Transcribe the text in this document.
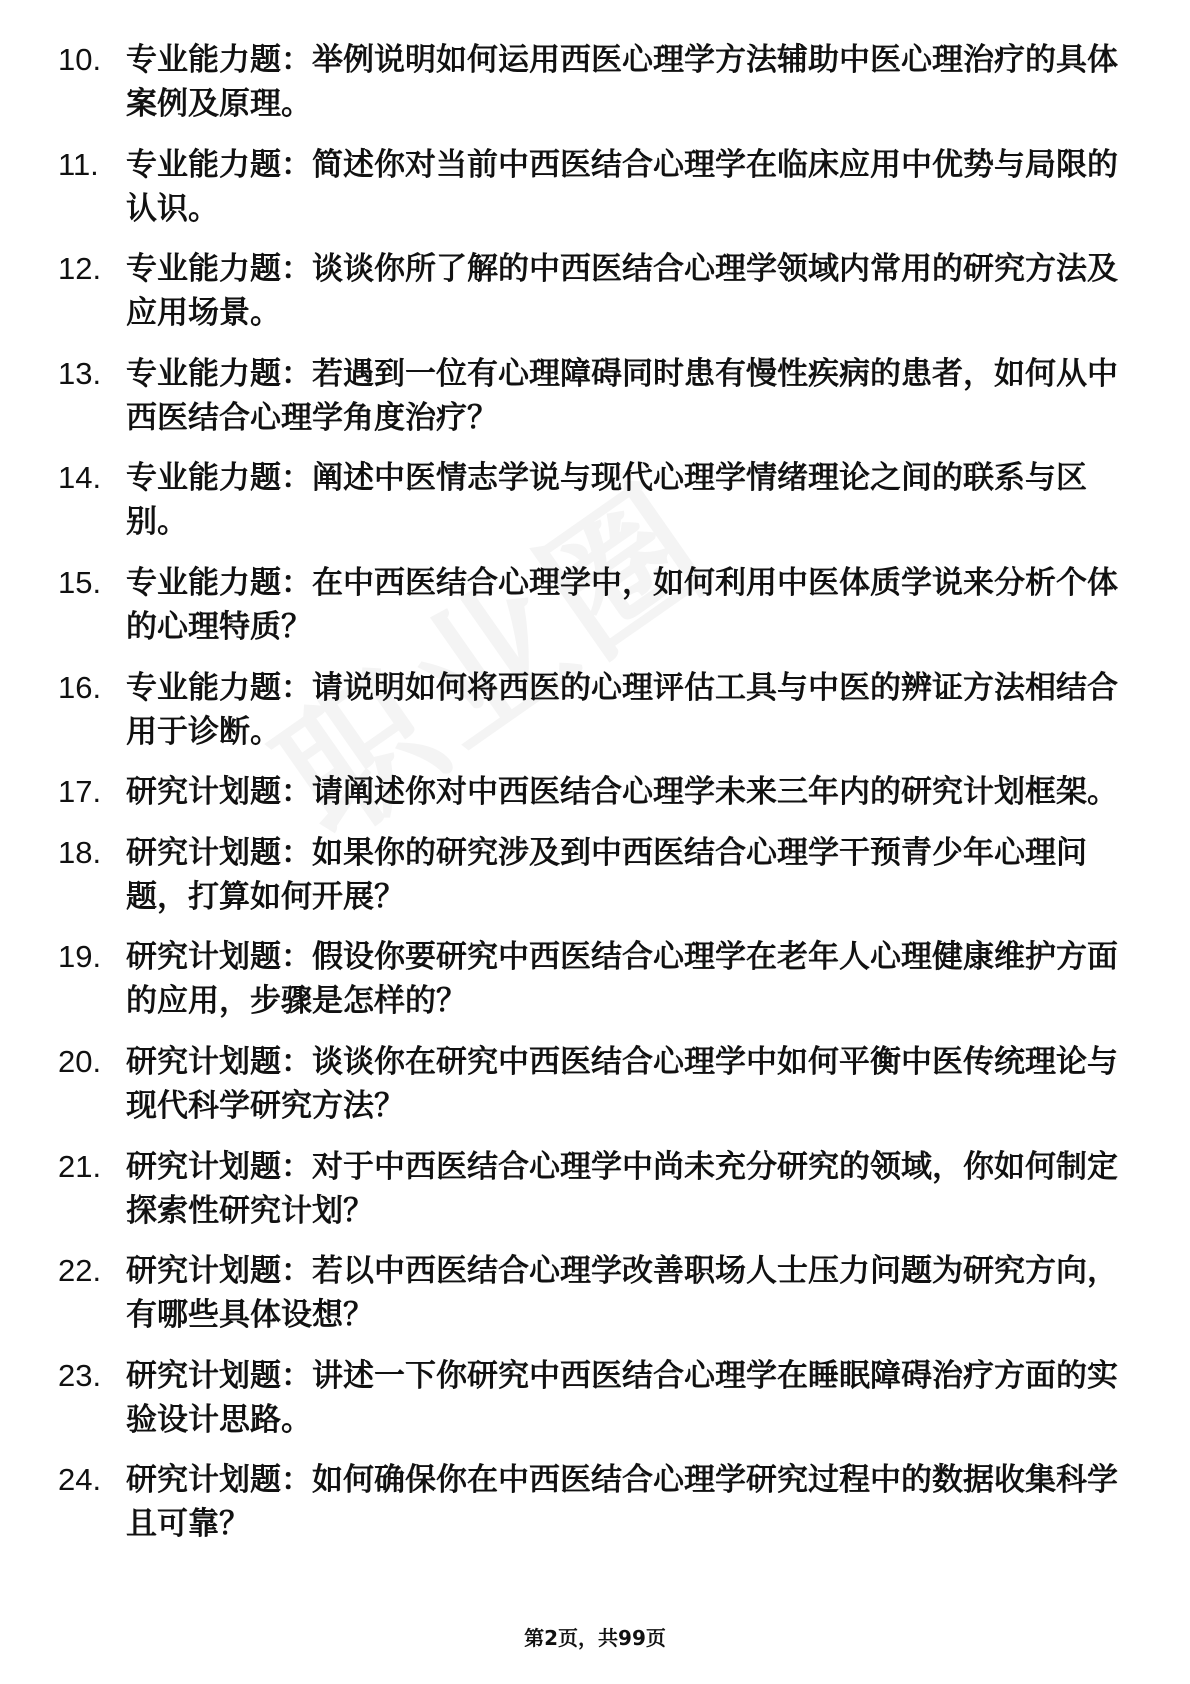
10. 专业能力题：举例说明如何运用西医心理学方法辅助中医心理治疗的具体案例及原理。
11. 专业能力题：简述你对当前中西医结合心理学在临床应用中优势与局限的认识。
12. 专业能力题：谈谈你所了解的中西医结合心理学领域内常用的研究方法及应用场景。
13. 专业能力题：若遇到一位有心理障碍同时患有慢性疾病的患者，如何从中西医结合心理学角度治疗？
14. 专业能力题：阐述中医情志学说与现代心理学情绪理论之间的联系与区别。
15. 专业能力题：在中西医结合心理学中，如何利用中医体质学说来分析个体的心理特质？
16. 专业能力题：请说明如何将西医的心理评估工具与中医的辨证方法相结合用于诊断。
17. 研究计划题：请阐述你对中西医结合心理学未来三年内的研究计划框架。
18. 研究计划题：如果你的研究涉及到中西医结合心理学干预青少年心理问题，打算如何开展？
19. 研究计划题：假设你要研究中西医结合心理学在老年人心理健康维护方面的应用，步骤是怎样的？
20. 研究计划题：谈谈你在研究中西医结合心理学中如何平衡中医传统理论与现代科学研究方法？
21. 研究计划题：对于中西医结合心理学中尚未充分研究的领域，你如何制定探索性研究计划？
22. 研究计划题：若以中西医结合心理学改善职场人士压力问题为研究方向，有哪些具体设想？
23. 研究计划题：讲述一下你研究中西医结合心理学在睡眠障碍治疗方面的实验设计思路。
24. 研究计划题：如何确保你在中西医结合心理学研究过程中的数据收集科学且可靠？
第2页，共99页
